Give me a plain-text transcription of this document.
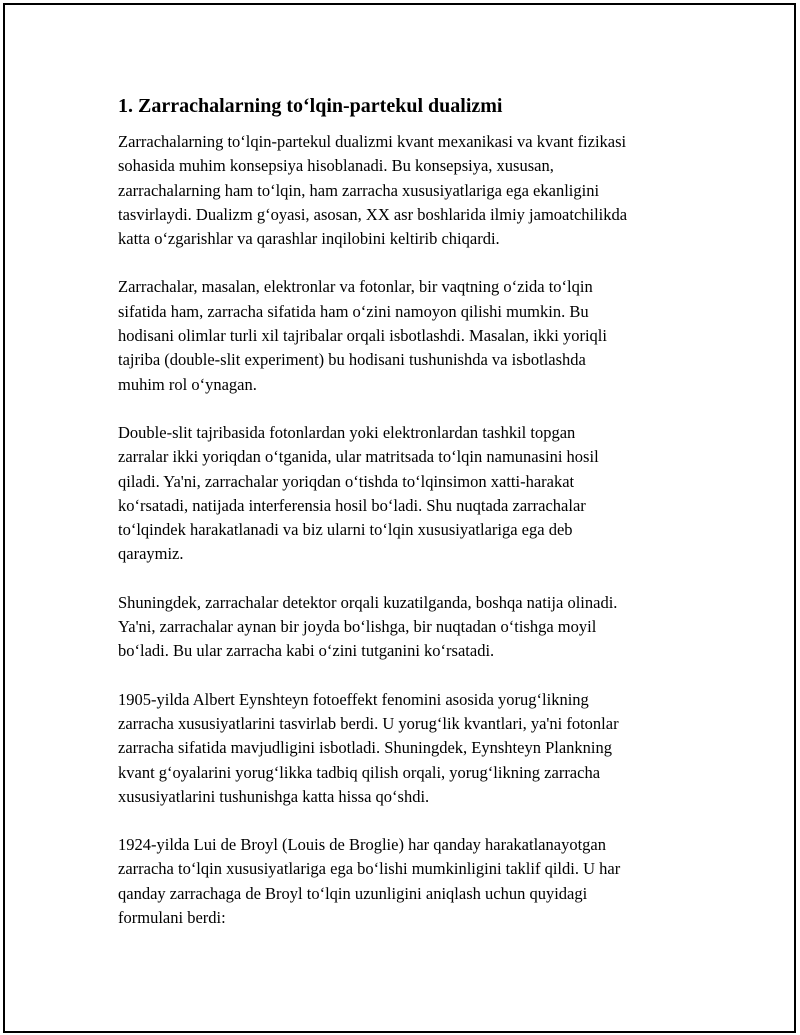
1. Zarrachalarning to‘lqin-partekul dualizmi

Zarrachalarning to‘lqin-partekul dualizmi kvant mexanikasi va kvant fizikasi
sohasida muhim konsepsiya hisoblanadi. Bu konsepsiya, xususan,
zarrachalarning ham to‘lqin, ham zarracha xususiyatlariga ega ekanligini
tasvirlaydi. Dualizm g‘oyasi, asosan, XX asr boshlarida ilmiy jamoatchilikda
katta o‘zgarishlar va qarashlar inqilobini keltirib chiqardi.

Zarrachalar, masalan, elektronlar va fotonlar, bir vaqtning o‘zida to‘lqin
sifatida ham, zarracha sifatida ham o‘zini namoyon qilishi mumkin. Bu
hodisani olimlar turli xil tajribalar orqali isbotlashdi. Masalan, ikki yoriqli
tajriba (double-slit experiment) bu hodisani tushunishda va isbotlashda
muhim rol o‘ynagan.

Double-slit tajribasida fotonlardan yoki elektronlardan tashkil topgan
zarralar ikki yoriqdan o‘tganida, ular matritsada to‘lqin namunasini hosil
qiladi. Ya'ni, zarrachalar yoriqdan o‘tishda to‘lqinsimon xatti-harakat
ko‘rsatadi, natijada interferensia hosil bo‘ladi. Shu nuqtada zarrachalar
to‘lqindek harakatlanadi va biz ularni to‘lqin xususiyatlariga ega deb
qaraymiz.

Shuningdek, zarrachalar detektor orqali kuzatilganda, boshqa natija olinadi.
Ya'ni, zarrachalar aynan bir joyda bo‘lishga, bir nuqtadan o‘tishga moyil
bo‘ladi. Bu ular zarracha kabi o‘zini tutganini ko‘rsatadi.

1905-yilda Albert Eynshteyn fotoeffekt fenomini asosida yorug‘likning
zarracha xususiyatlarini tasvirlab berdi. U yorug‘lik kvantlari, ya'ni fotonlar
zarracha sifatida mavjudligini isbotladi. Shuningdek, Eynshteyn Plankning
kvant g‘oyalarini yorug‘likka tadbiq qilish orqali, yorug‘likning zarracha
xususiyatlarini tushunishga katta hissa qo‘shdi.

1924-yilda Lui de Broyl (Louis de Broglie) har qanday harakatlanayotgan
zarracha to‘lqin xususiyatlariga ega bo‘lishi mumkinligini taklif qildi. U har
qanday zarrachaga de Broyl to‘lqin uzunligini aniqlash uchun quyidagi
formulani berdi:
